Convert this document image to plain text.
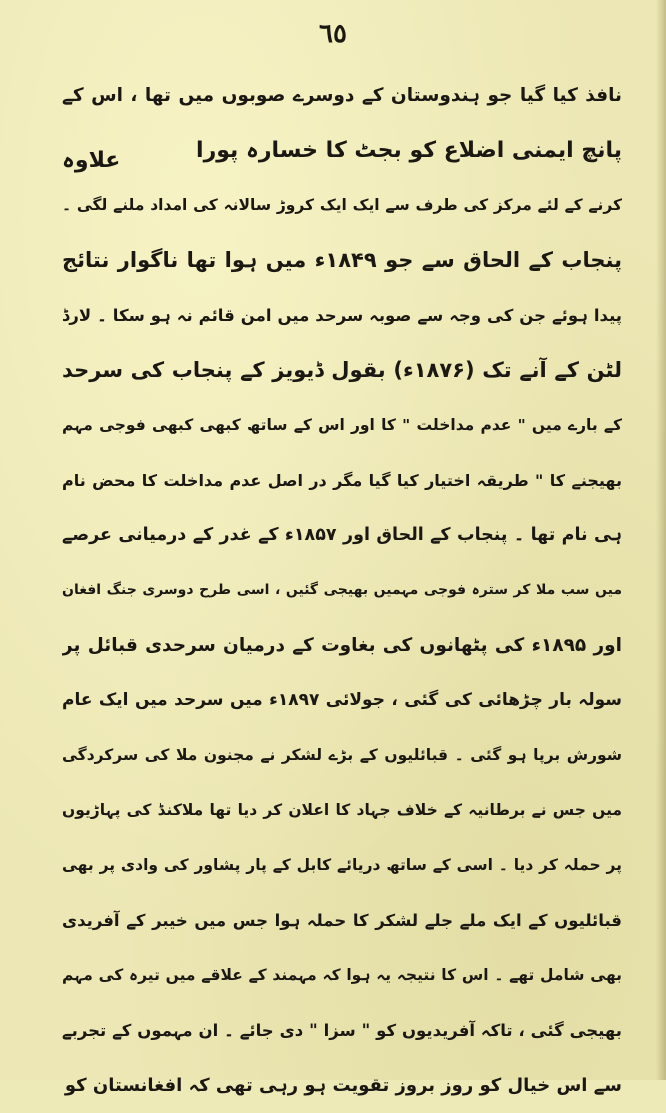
٦٥
نافذ کیا گیا جو ہندوستان کے دوسرے صوبوں میں تھا ، اس کے
پانچ ایمنی اضلاع کو بجٹ کا خسارہ پورا
علاوہ
کرنے کے لئے مرکز کی طرف سے ایک ایک کروڑ سالانہ کی امداد ملنے لگی ۔
پنجاب کے الحاق سے جو ۱۸۴۹ء میں ہوا تھا ناگوار نتائج
پیدا ہوئے جن کی وجہ سے صوبہ سرحد میں امن قائم نہ ہو سکا ۔ لارڈ
لٹن کے آنے تک (۱۸۷۶ء) بقول ڈیویز کے پنجاب کی سرحد
کے بارے میں " عدم مداخلت " کا اور اس کے ساتھ کبھی کبھی فوجی مہم
بھیجنے کا " طریقہ اختیار کیا گیا مگر در اصل عدم مداخلت کا محض نام
ہی نام تھا ۔ پنجاب کے الحاق اور ۱۸۵۷ء کے غدر کے درمیانی عرصے
میں سب ملا کر سترہ فوجی مہمیں بھیجی گئیں ، اسی طرح دوسری جنگ افغان
اور ۱۸۹۵ء کی پٹھانوں کی بغاوت کے درمیان سرحدی قبائل پر
سولہ بار چڑھائی کی گئی ، جولائی ۱۸۹۷ء میں سرحد میں ایک عام
شورش برپا ہو گئی ۔ قبائلیوں کے بڑے لشکر نے مجنون ملا کی سرکردگی
میں جس نے برطانیہ کے خلاف جہاد کا اعلان کر دیا تھا ملاکنڈ کی پہاڑیوں
پر حملہ کر دیا ۔ اسی کے ساتھ دریائے کابل کے پار پشاور کی وادی پر بھی
قبائلیوں کے ایک ملے جلے لشکر کا حملہ ہوا جس میں خیبر کے آفریدی
بھی شامل تھے ۔ اس کا نتیجہ یہ ہوا کہ مہمند کے علاقے میں تیرہ کی مہم
بھیجی گئی ، تاکہ آفریدیوں کو " سزا " دی جائے ۔ ان مہموں کے تجربے
سے اس خیال کو روز بروز تقویت ہو رہی تھی کہ افغانستان کو
